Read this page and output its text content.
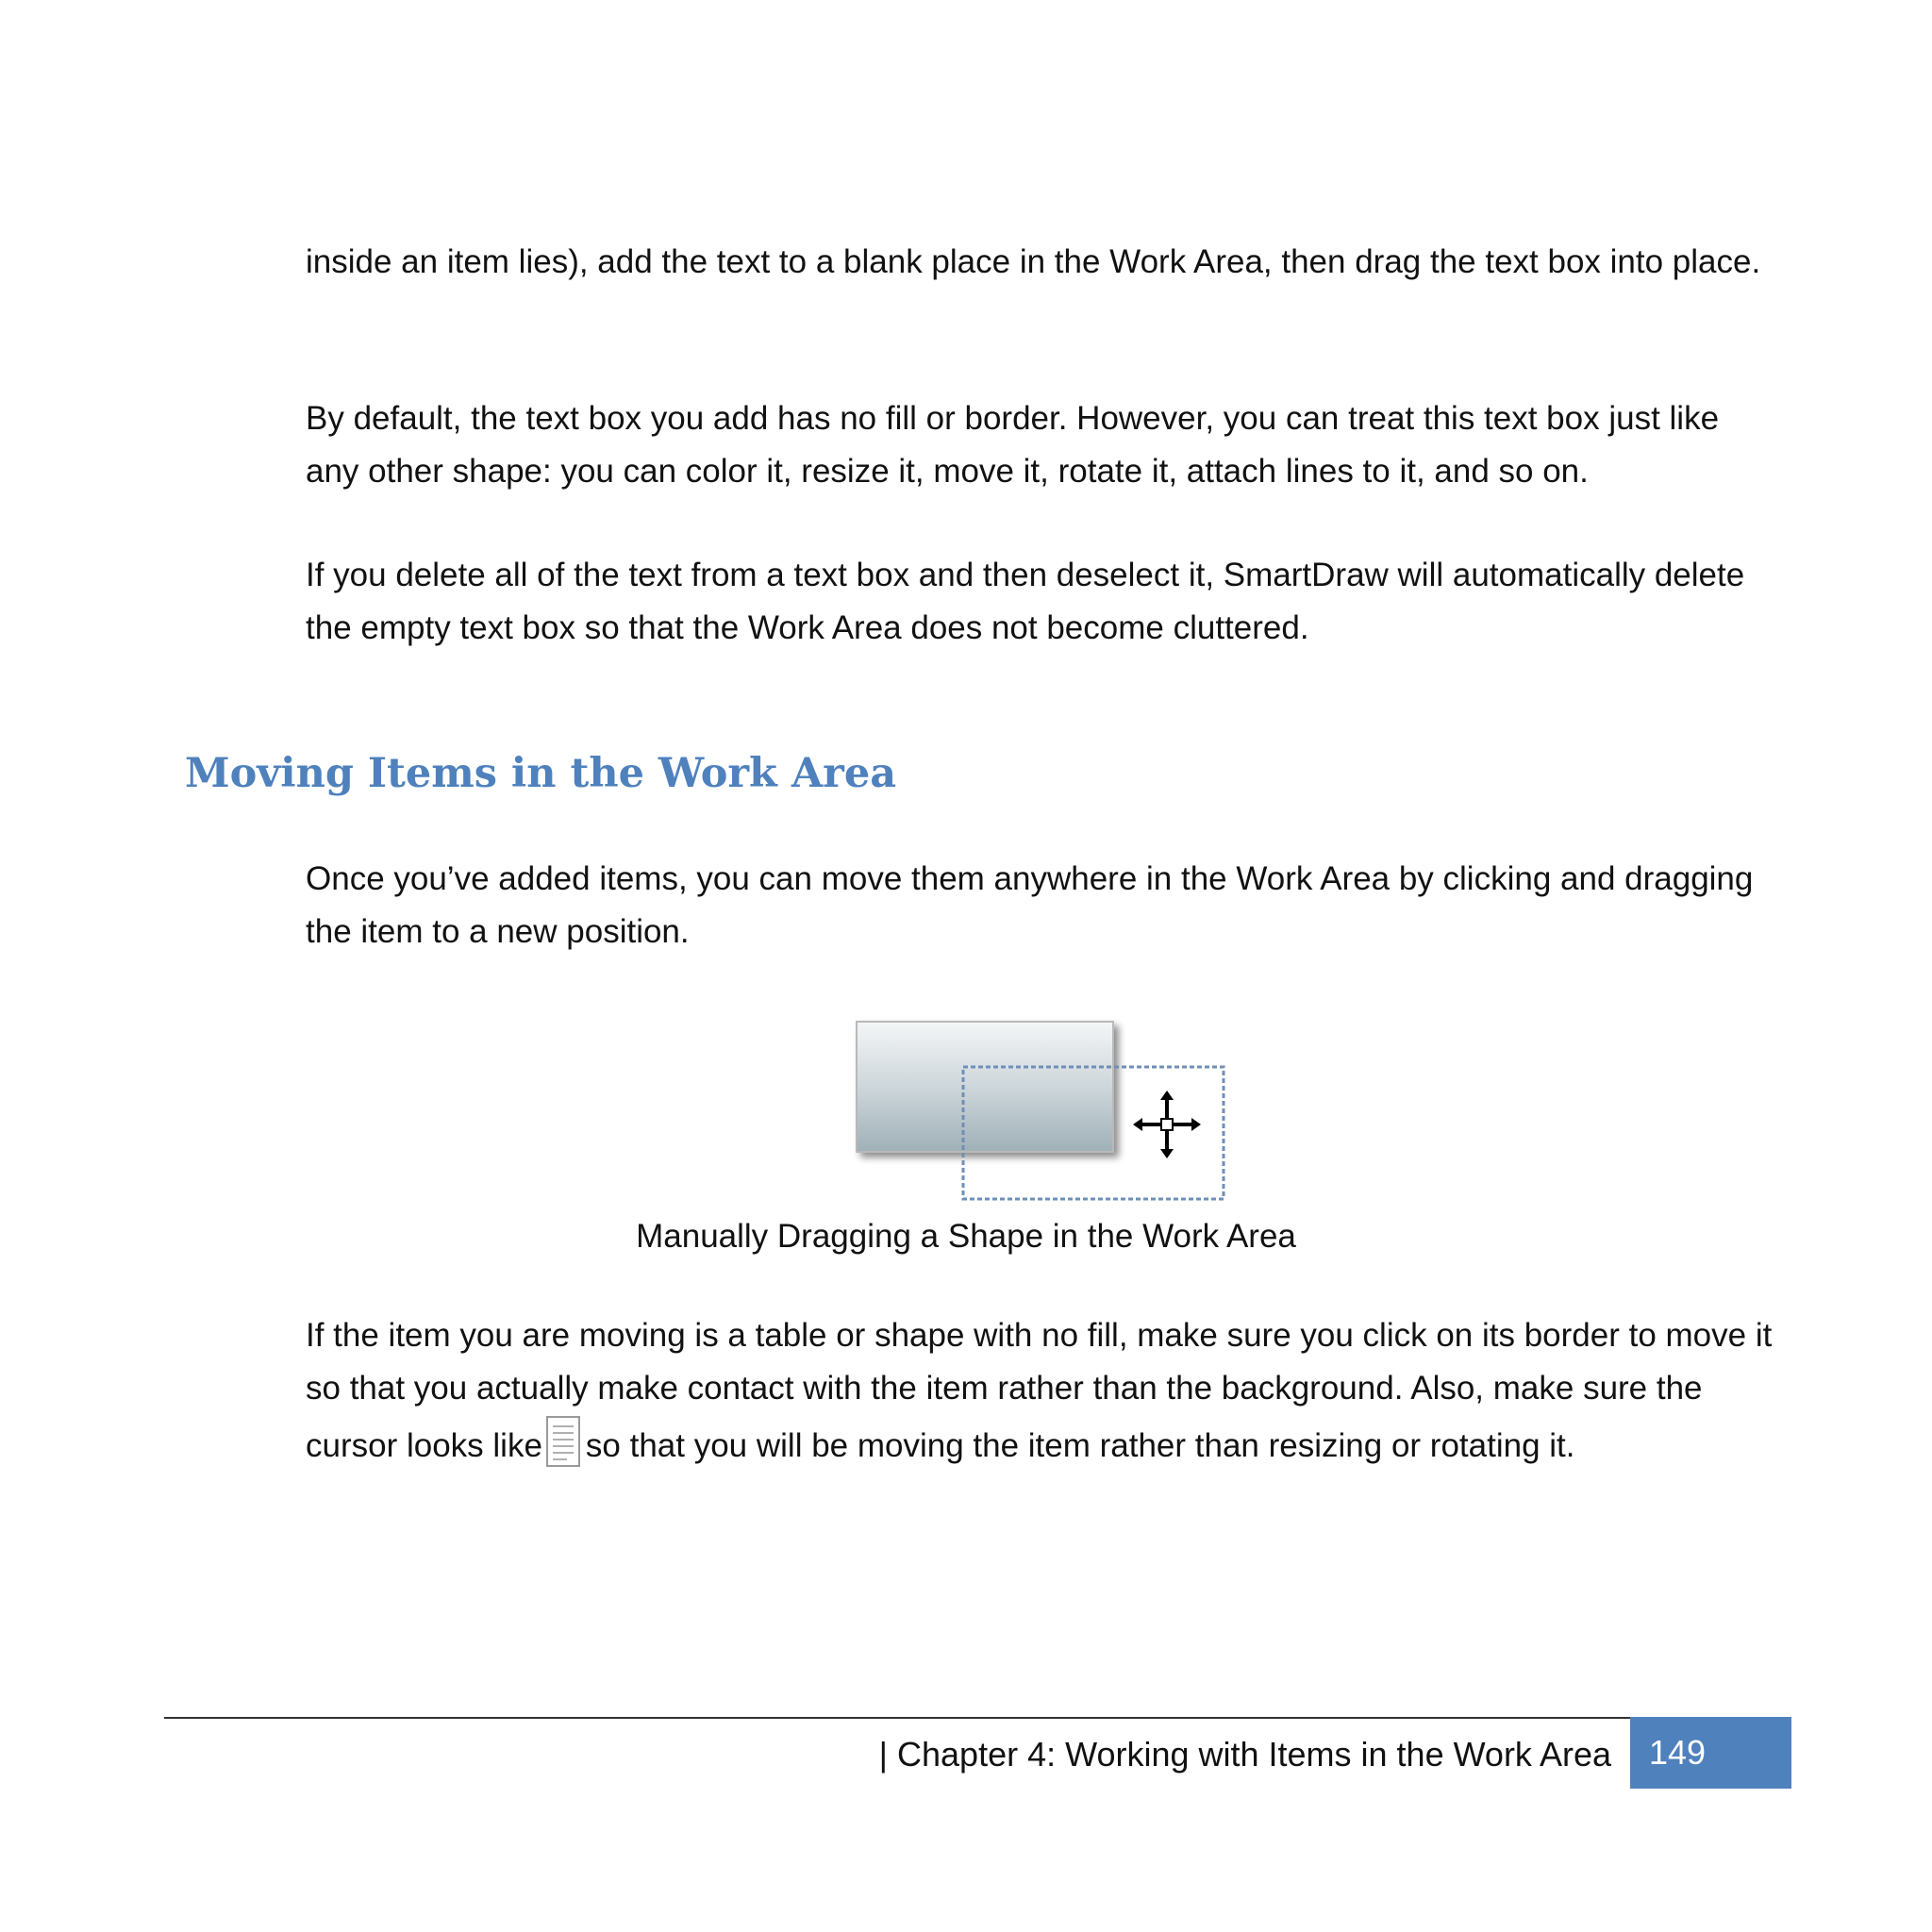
inside an item lies), add the text to a blank place in the Work Area, then drag the text box into place.

By default, the text box you add has no fill or border. However, you can treat this text box just like any other shape: you can color it, resize it, move it, rotate it, attach lines to it, and so on.

If you delete all of the text from a text box and then deselect it, SmartDraw will automatically delete the empty text box so that the Work Area does not become cluttered.

Moving Items in the Work Area

Once you’ve added items, you can move them anywhere in the Work Area by clicking and dragging the item to a new position.

Manually Dragging a Shape in the Work Area

If the item you are moving is a table or shape with no fill, make sure you click on its border to move it so that you actually make contact with the item rather than the background. Also, make sure the cursor looks like so that you will be moving the item rather than resizing or rotating it.

| Chapter 4: Working with Items in the Work Area	149
